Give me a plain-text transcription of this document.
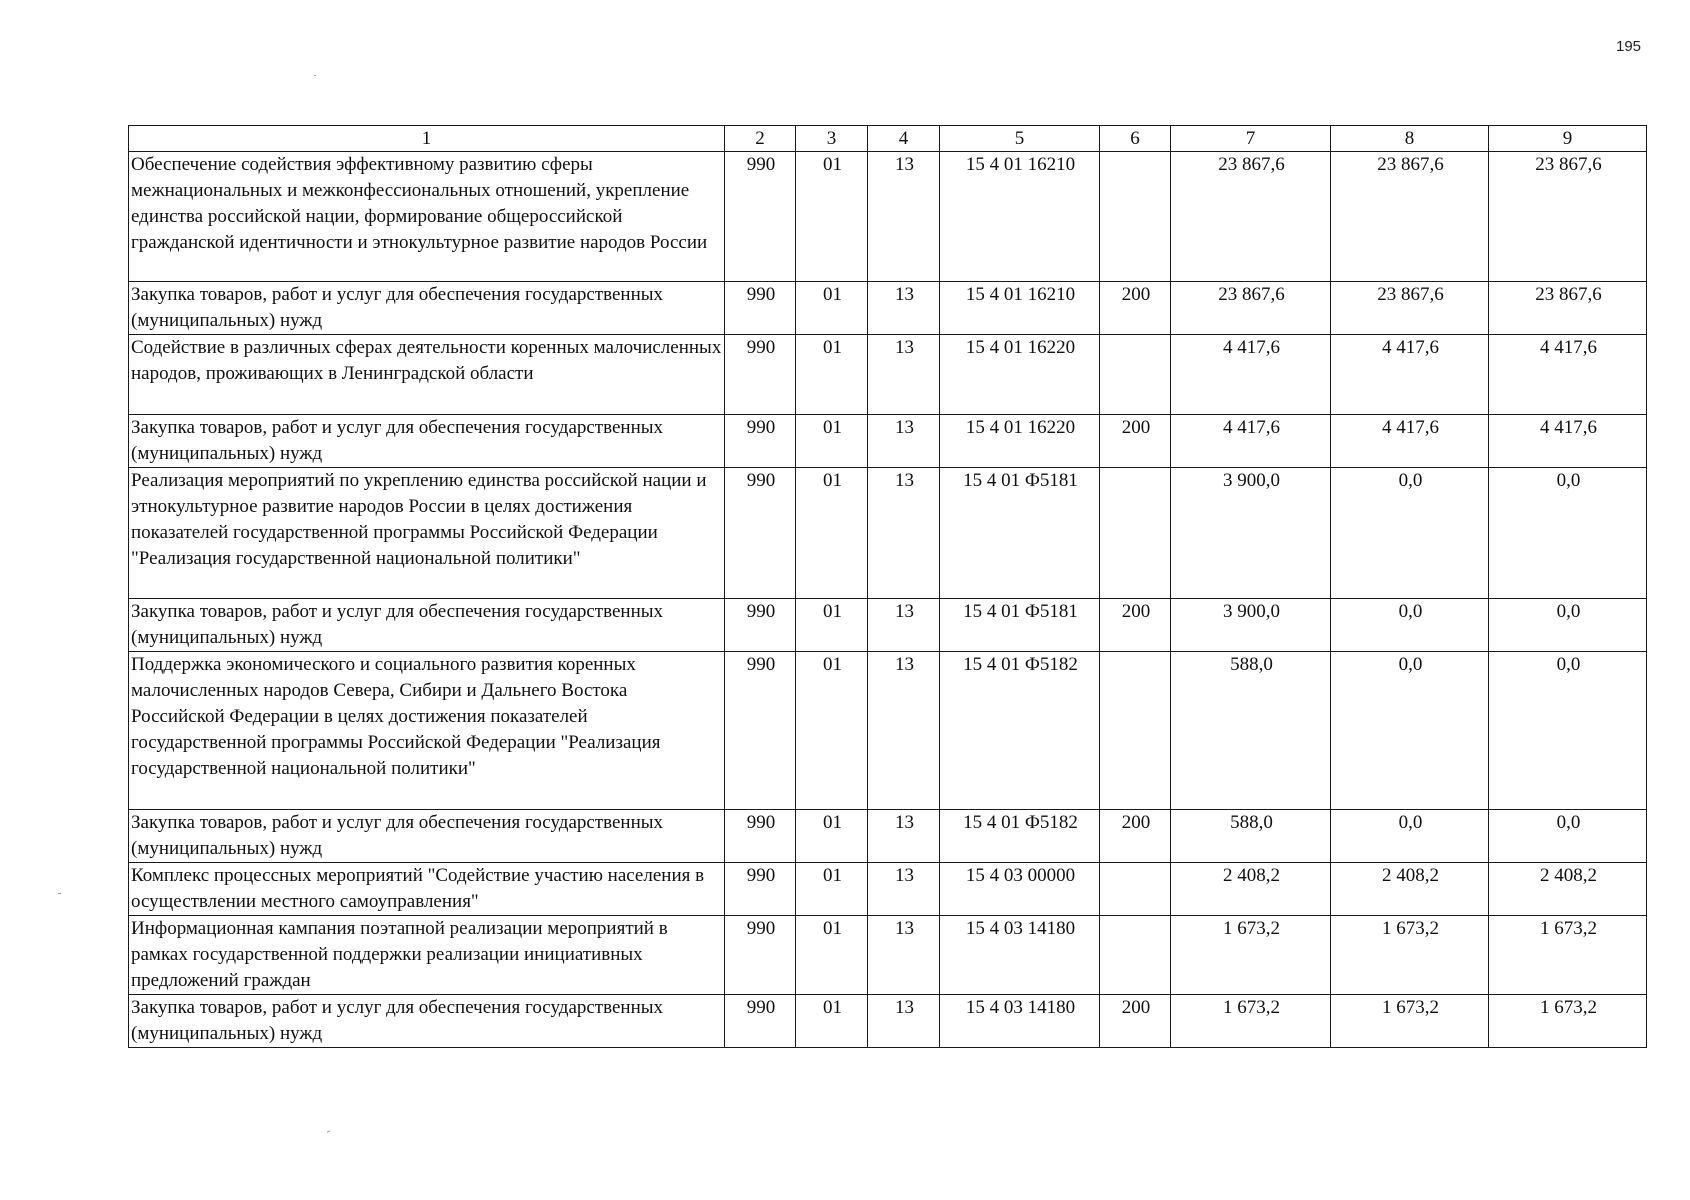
195
1	2	3	4	5	6	7	8	9
Обеспечение содействия эффективному развитию сферы межнациональных и межконфессиональных отношений, укрепление единства российской нации, формирование общероссийской гражданской идентичности и этнокультурное развитие народов России	990	01	13	15 4 01 16210		23 867,6	23 867,6	23 867,6
Закупка товаров, работ и услуг для обеспечения государственных (муниципальных) нужд	990	01	13	15 4 01 16210	200	23 867,6	23 867,6	23 867,6
Содействие в различных сферах деятельности коренных малочисленных народов, проживающих в Ленинградской области	990	01	13	15 4 01 16220		4 417,6	4 417,6	4 417,6
Закупка товаров, работ и услуг для обеспечения государственных (муниципальных) нужд	990	01	13	15 4 01 16220	200	4 417,6	4 417,6	4 417,6
Реализация мероприятий по укреплению единства российской нации и этнокультурное развитие народов России в целях достижения показателей государственной программы Российской Федерации "Реализация государственной национальной политики"	990	01	13	15 4 01 Ф5181		3 900,0	0,0	0,0
Закупка товаров, работ и услуг для обеспечения государственных (муниципальных) нужд	990	01	13	15 4 01 Ф5181	200	3 900,0	0,0	0,0
Поддержка экономического и социального развития коренных малочисленных народов Севера, Сибири и Дальнего Востока Российской Федерации в целях достижения показателей государственной программы Российской Федерации "Реализация государственной национальной политики"	990	01	13	15 4 01 Ф5182		588,0	0,0	0,0
Закупка товаров, работ и услуг для обеспечения государственных (муниципальных) нужд	990	01	13	15 4 01 Ф5182	200	588,0	0,0	0,0
Комплекс процессных мероприятий "Содействие участию населения в осуществлении местного самоуправления"	990	01	13	15 4 03 00000		2 408,2	2 408,2	2 408,2
Информационная кампания поэтапной реализации мероприятий в рамках государственной поддержки реализации инициативных предложений граждан	990	01	13	15 4 03 14180		1 673,2	1 673,2	1 673,2
Закупка товаров, работ и услуг для обеспечения государственных (муниципальных) нужд	990	01	13	15 4 03 14180	200	1 673,2	1 673,2	1 673,2
